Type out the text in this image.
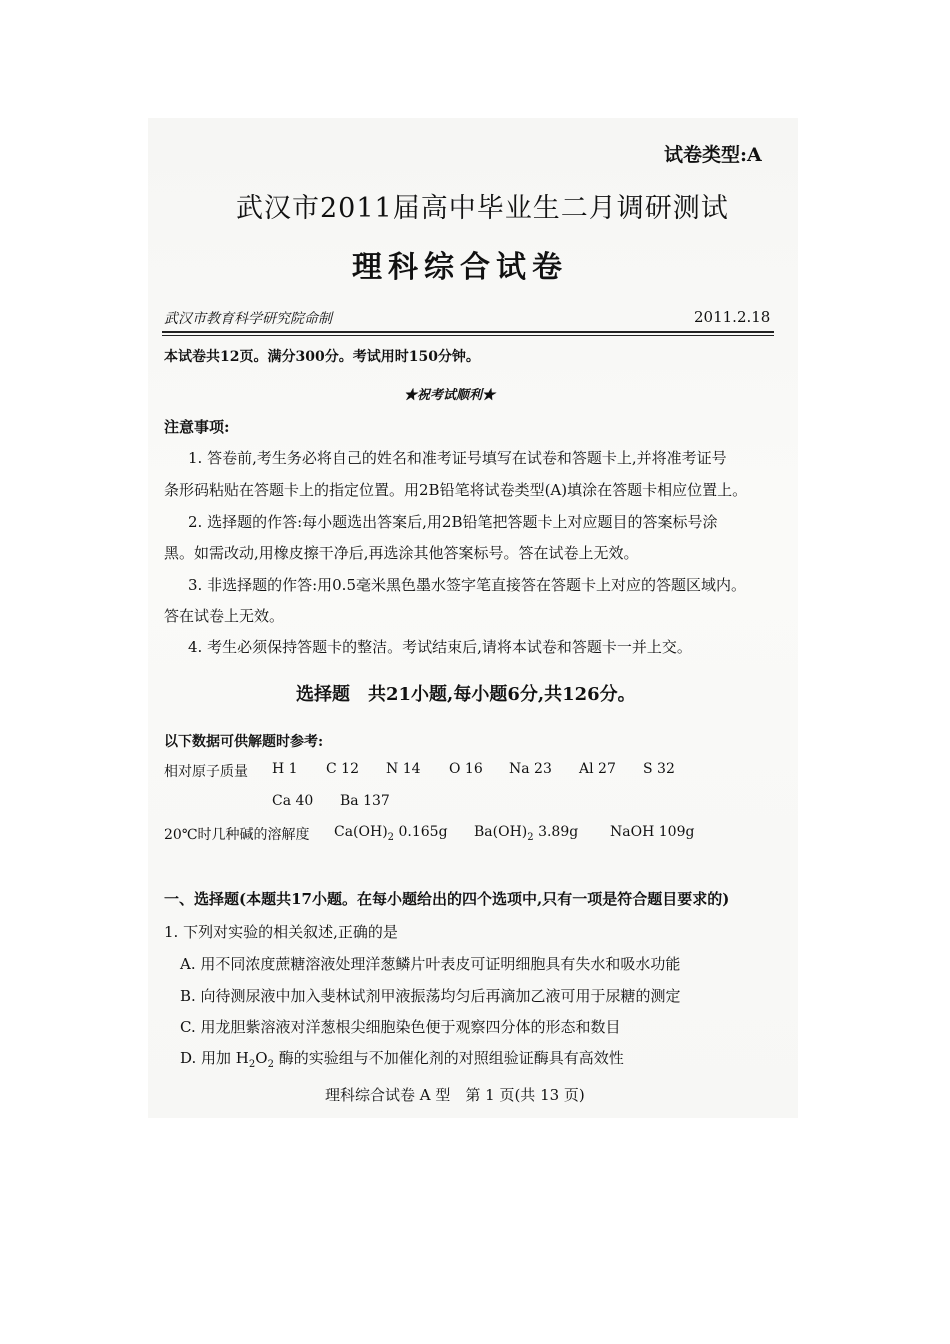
试卷类型:A
武汉市2011届高中毕业生二月调研测试
理科综合试卷
武汉市教育科学研究院命制	2011.2.18
本试卷共12页。满分300分。考试用时150分钟。
★祝考试顺利★
注意事项:
1. 答卷前,考生务必将自己的姓名和准考证号填写在试卷和答题卡上,并将准考证号
条形码粘贴在答题卡上的指定位置。用2B铅笔将试卷类型(A)填涂在答题卡相应位置上。
2. 选择题的作答:每小题选出答案后,用2B铅笔把答题卡上对应题目的答案标号涂
黑。如需改动,用橡皮擦干净后,再选涂其他答案标号。答在试卷上无效。
3. 非选择题的作答:用0.5毫米黑色墨水签字笔直接答在答题卡上对应的答题区域内。
答在试卷上无效。
4. 考生必须保持答题卡的整洁。考试结束后,请将本试卷和答题卡一并上交。
选择题　共21小题,每小题6分,共126分。
以下数据可供解题时参考:
相对原子质量 H 1 C 12 N 14 O 16 Na 23 Al 27 S 32
Ca 40 Ba 137
20℃时几种碱的溶解度 $Ca(OH)_2$ 0.165g $Ba(OH)_2$ 3.89g NaOH 109g
一、选择题(本题共17小题。在每小题给出的四个选项中,只有一项是符合题目要求的)
1. 下列对实验的相关叙述,正确的是
A. 用不同浓度蔗糖溶液处理洋葱鳞片叶表皮可证明细胞具有失水和吸水功能
B. 向待测尿液中加入斐林试剂甲液振荡均匀后再滴加乙液可用于尿糖的测定
C. 用龙胆紫溶液对洋葱根尖细胞染色便于观察四分体的形态和数目
D. 用加 $H_2O_2$ 酶的实验组与不加催化剂的对照组验证酶具有高效性
理科综合试卷 A 型　第 1 页(共 13 页)
